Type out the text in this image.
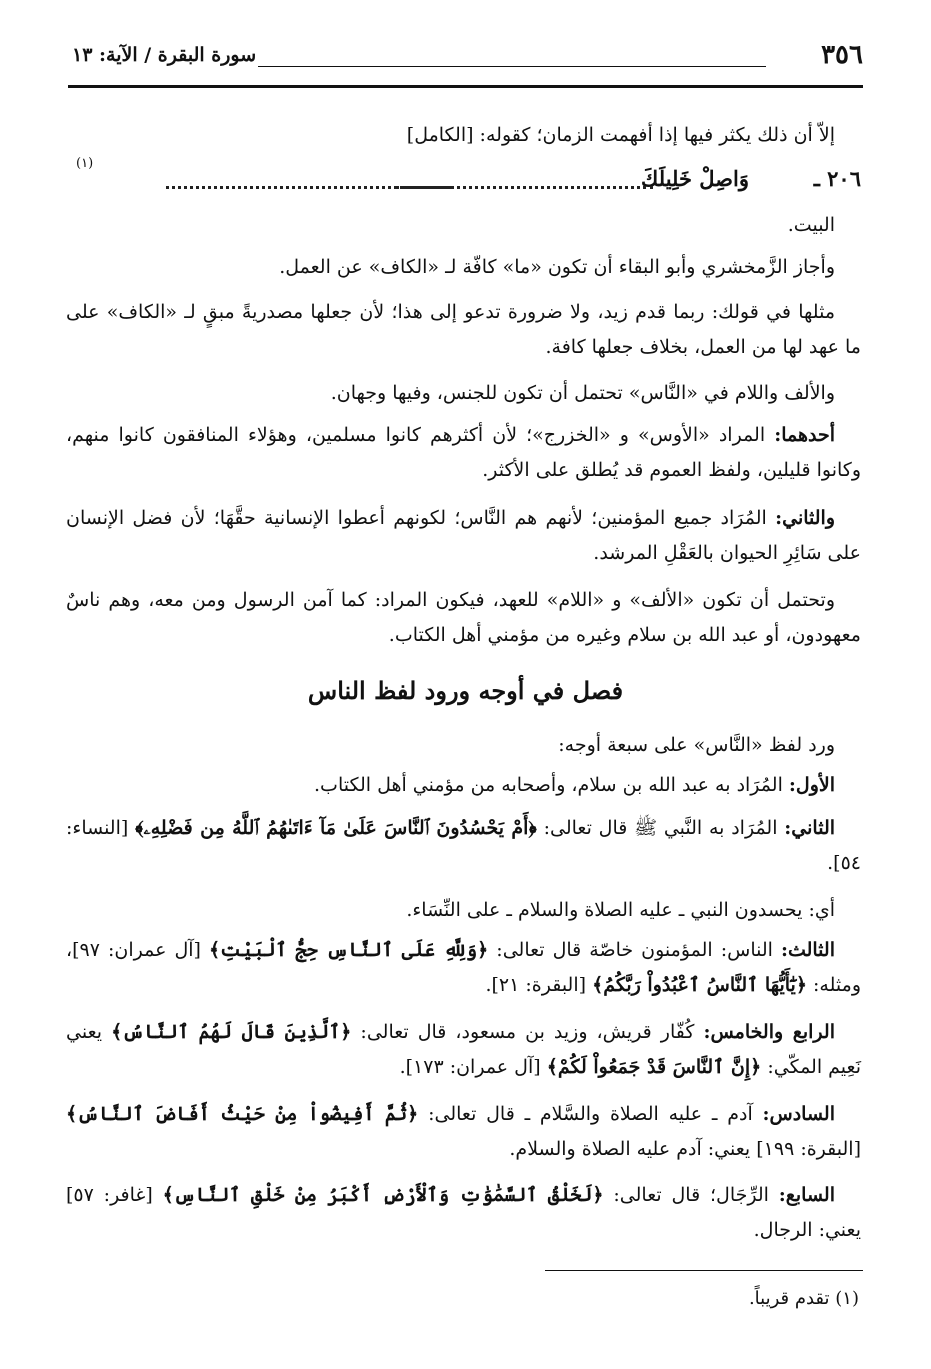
٣٥٦
سورة البقرة / الآية: ١٣
إلاّ أن ذلك يكثر فيها إذا أفهمت الزمان؛ كقوله: [الكامل]
٢٠٦ ـ
وَاصِلْ خَلِيلَكَ
(١)
البيت.
وأجاز الزَّمخشري وأبو البقاء أن تكون «ما» كافّة لـ «الكاف» عن العمل.
مثلها في قولك: ربما قدم زيد، ولا ضرورة تدعو إلى هذا؛ لأن جعلها مصدريةً مبقٍ لـ «الكاف» على ما عهد لها من العمل، بخلاف جعلها كافة.
والألف واللام في «النَّاس» تحتمل أن تكون للجنس، وفيها وجهان.
أحدهما: المراد «الأوس» و «الخزرج»؛ لأن أكثرهم كانوا مسلمين، وهؤلاء المنافقون كانوا منهم، وكانوا قليلين، ولفظ العموم قد يُطلق على الأكثر.
والثاني: المُرَاد جميع المؤمنين؛ لأنهم هم النَّاس؛ لكونهم أعطوا الإنسانية حقَّهَا؛ لأن فضل الإنسان على سَائِرِ الحيوان بالعَقْلِ المرشد.
وتحتمل أن تكون «الألف» و «اللام» للعهد، فيكون المراد: كما آمن الرسول ومن معه، وهم ناسٌ معهودون، أو عبد الله بن سلام وغيره من مؤمني أهل الكتاب.
فصل في أوجه ورود لفظ الناس
ورد لفظ «النَّاس» على سبعة أوجه:
الأول: المُرَاد به عبد الله بن سلام، وأصحابه من مؤمني أهل الكتاب.
الثاني: المُرَاد به النَّبي ﷺ قال تعالى: ﴿أَمْ يَحْسُدُونَ ٱلنَّاسَ عَلَىٰ مَآ ءَاتَىٰهُمُ ٱللَّهُ مِن فَضْلِهِۦ﴾ [النساء: ٥٤].
أي: يحسدون النبي ـ عليه الصلاة والسلام ـ على النِّسَاء.
الثالث: الناس: المؤمنون خاصّة قال تعالى: ﴿وَلِلَّهِ عَلَى ٱلنَّاسِ حِجُّ ٱلْبَيْتِ﴾ [آل عمران: ٩٧]، ومثله: ﴿يَٰٓأَيُّهَا ٱلنَّاسُ ٱعْبُدُواْ رَبَّكُمُ﴾ [البقرة: ٢١].
الرابع والخامس: كُفّار قريش، وزيد بن مسعود، قال تعالى: ﴿ٱلَّذِينَ قَالَ لَهُمُ ٱلنَّاسُ﴾ يعني نَعِيم المكّي: ﴿إِنَّ ٱلنَّاسَ قَدْ جَمَعُواْ لَكُمْ﴾ [آل عمران: ١٧٣].
السادس: آدم ـ عليه الصلاة والسَّلام ـ قال تعالى: ﴿ثُمَّ أَفِيضُواْ مِنْ حَيْثُ أَفَاضَ ٱلنَّاسُ﴾ [البقرة: ١٩٩] يعني: آدم عليه الصلاة والسلام.
السابع: الرِّجَال؛ قال تعالى: ﴿لَخَلْقُ ٱلسَّمَٰوَٰتِ وَٱلْأَرْضِ أَكْبَرُ مِنْ خَلْقِ ٱلنَّاسِ﴾ [غافر: ٥٧] يعني: الرجال.
(١) تقدم قريباً.
